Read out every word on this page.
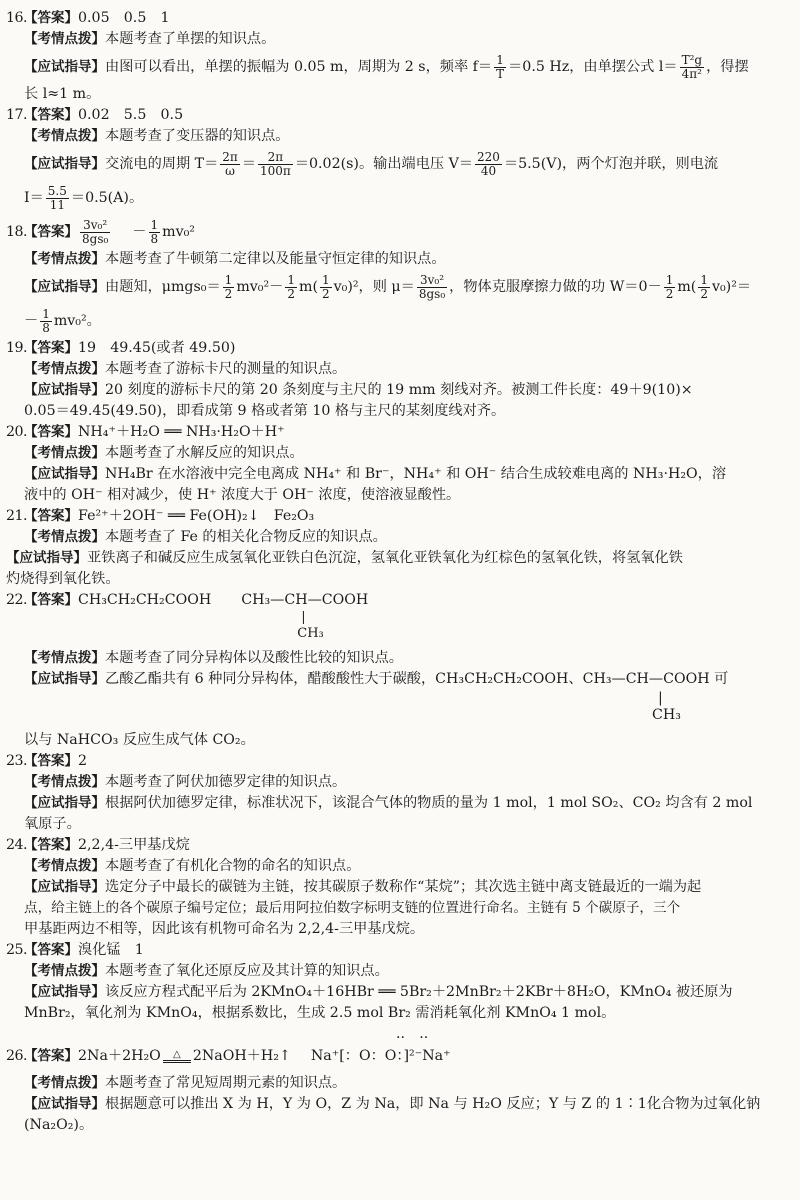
16.【答案】0.05　0.5　1
【考情点拨】本题考查了单摆的知识点。
【应试指导】由图可以看出，单摆的振幅为 0.05 m，周期为 2 s，频率 $f= \frac{1}{T} =0.5$ Hz，由单摆公式 $l= \frac{\text{T²g}}{\text{4π²}}$ ，得摆
长 l≈1 m。
17.【答案】0.02　5.5　0.5
【考情点拨】本题考查了变压器的知识点。
【应试指导】交流电的周期 $T= \frac{2\pi}{\omega} = \frac{2\pi}{100\pi} =0.02(s)$。输出端电压 $V= \frac{220}{40} =5.5(V)$，两个灯泡并联，则电流
$I= \frac{5.5}{11} =0.5(A)$。
18.【答案】 $\frac{\text{3v₀²}}{\text{8gs₀}} - \frac{1}{8} mv_0^2$
【考情点拨】本题考查了牛顿第二定律以及能量守恒定律的知识点。
【应试指导】由题知，$\mu mgs_0= \frac{1}{2} mv_0^2- \frac{1}{2} m( \frac{1}{2} v_0)^2$，则 $\mu= \frac{\text{3v₀²}}{\text{8gs₀}}$ ，物体克服摩擦力做的功 $W=0- \frac{1}{2} m( \frac{1}{2} v_0)^2=$
－ $\frac{1}{8} mv_0^2$。
19.【答案】19　49.45(或者 49.50)
【考情点拨】本题考查了游标卡尺的测量的知识点。
【应试指导】20 刻度的游标卡尺的第 20 条刻度与主尺的 19 mm 刻线对齐。被测工件长度：49＋9(10)×
0.05＝49.45(49.50)，即看成第 9 格或者第 10 格与主尺的某刻度线对齐。
20.【答案】NH₄⁺＋H₂O ══ NH₃·H₂O＋H⁺
【考情点拨】本题考查了水解反应的知识点。
【应试指导】NH₄Br 在水溶液中完全电离成 NH₄⁺ 和 Br⁻，NH₄⁺ 和 OH⁻ 结合生成较难电离的 NH₃·H₂O，溶
液中的 OH⁻ 相对减少，使 H⁺ 浓度大于 OH⁻ 浓度，使溶液显酸性。
21.【答案】Fe²⁺＋2OH⁻ ══ Fe(OH)₂↓　Fe₂O₃
【考情点拨】本题考查了 Fe 的相关化合物反应的知识点。
【应试指导】亚铁离子和碱反应生成氢氧化亚铁白色沉淀，氢氧化亚铁氧化为红棕色的氢氧化铁，将氢氧化铁
灼烧得到氧化铁。
22.【答案】CH₃CH₂CH₂COOH CH₃—CH—COOH
|
CH₃
【考情点拨】本题考查了同分异构体以及酸性比较的知识点。
【应试指导】乙酸乙酯共有 6 种同分异构体，醋酸酸性大于碳酸，CH₃CH₂CH₂COOH、CH₃—CH—COOH 可
|
CH₃
以与 NaHCO₃ 反应生成气体 CO₂。
23.【答案】2
【考情点拨】本题考查了阿伏加德罗定律的知识点。
【应试指导】根据阿伏加德罗定律，标准状况下，该混合气体的物质的量为 1 mol，1 mol SO₂、CO₂ 均含有 2 mol
氧原子。
24.【答案】2,2,4-三甲基戊烷
【考情点拨】本题考查了有机化合物的命名的知识点。
【应试指导】选定分子中最长的碳链为主链，按其碳原子数称作“某烷”；其次选主链中离支链最近的一端为起
点，给主链上的各个碳原子编号定位；最后用阿拉伯数字标明支链的位置进行命名。主链有 5 个碳原子，三个
甲基距两边不相等，因此该有机物可命名为 2,2,4-三甲基戊烷。
25.【答案】溴化锰　1
【考情点拨】本题考查了氧化还原反应及其计算的知识点。
【应试指导】该反应方程式配平后为 2KMnO₄＋16HBr ══ 5Br₂＋2MnBr₂＋2KBr＋8H₂O，KMnO₄ 被还原为
MnBr₂，氧化剂为 KMnO₄，根据系数比，生成 2.5 mol Br₂ 需消耗氧化剂 KMnO₄ 1 mol。
··　··
26.【答案】2Na＋2H₂O △ 2NaOH＋H₂↑ Na⁺[：O：O：]²⁻Na⁺
【考情点拨】本题考查了常见短周期元素的知识点。
【应试指导】根据题意可以推出 X 为 H，Y 为 O，Z 为 Na，即 Na 与 H₂O 反应；Y 与 Z 的 1∶1化合物为过氧化钠
(Na₂O₂)。
